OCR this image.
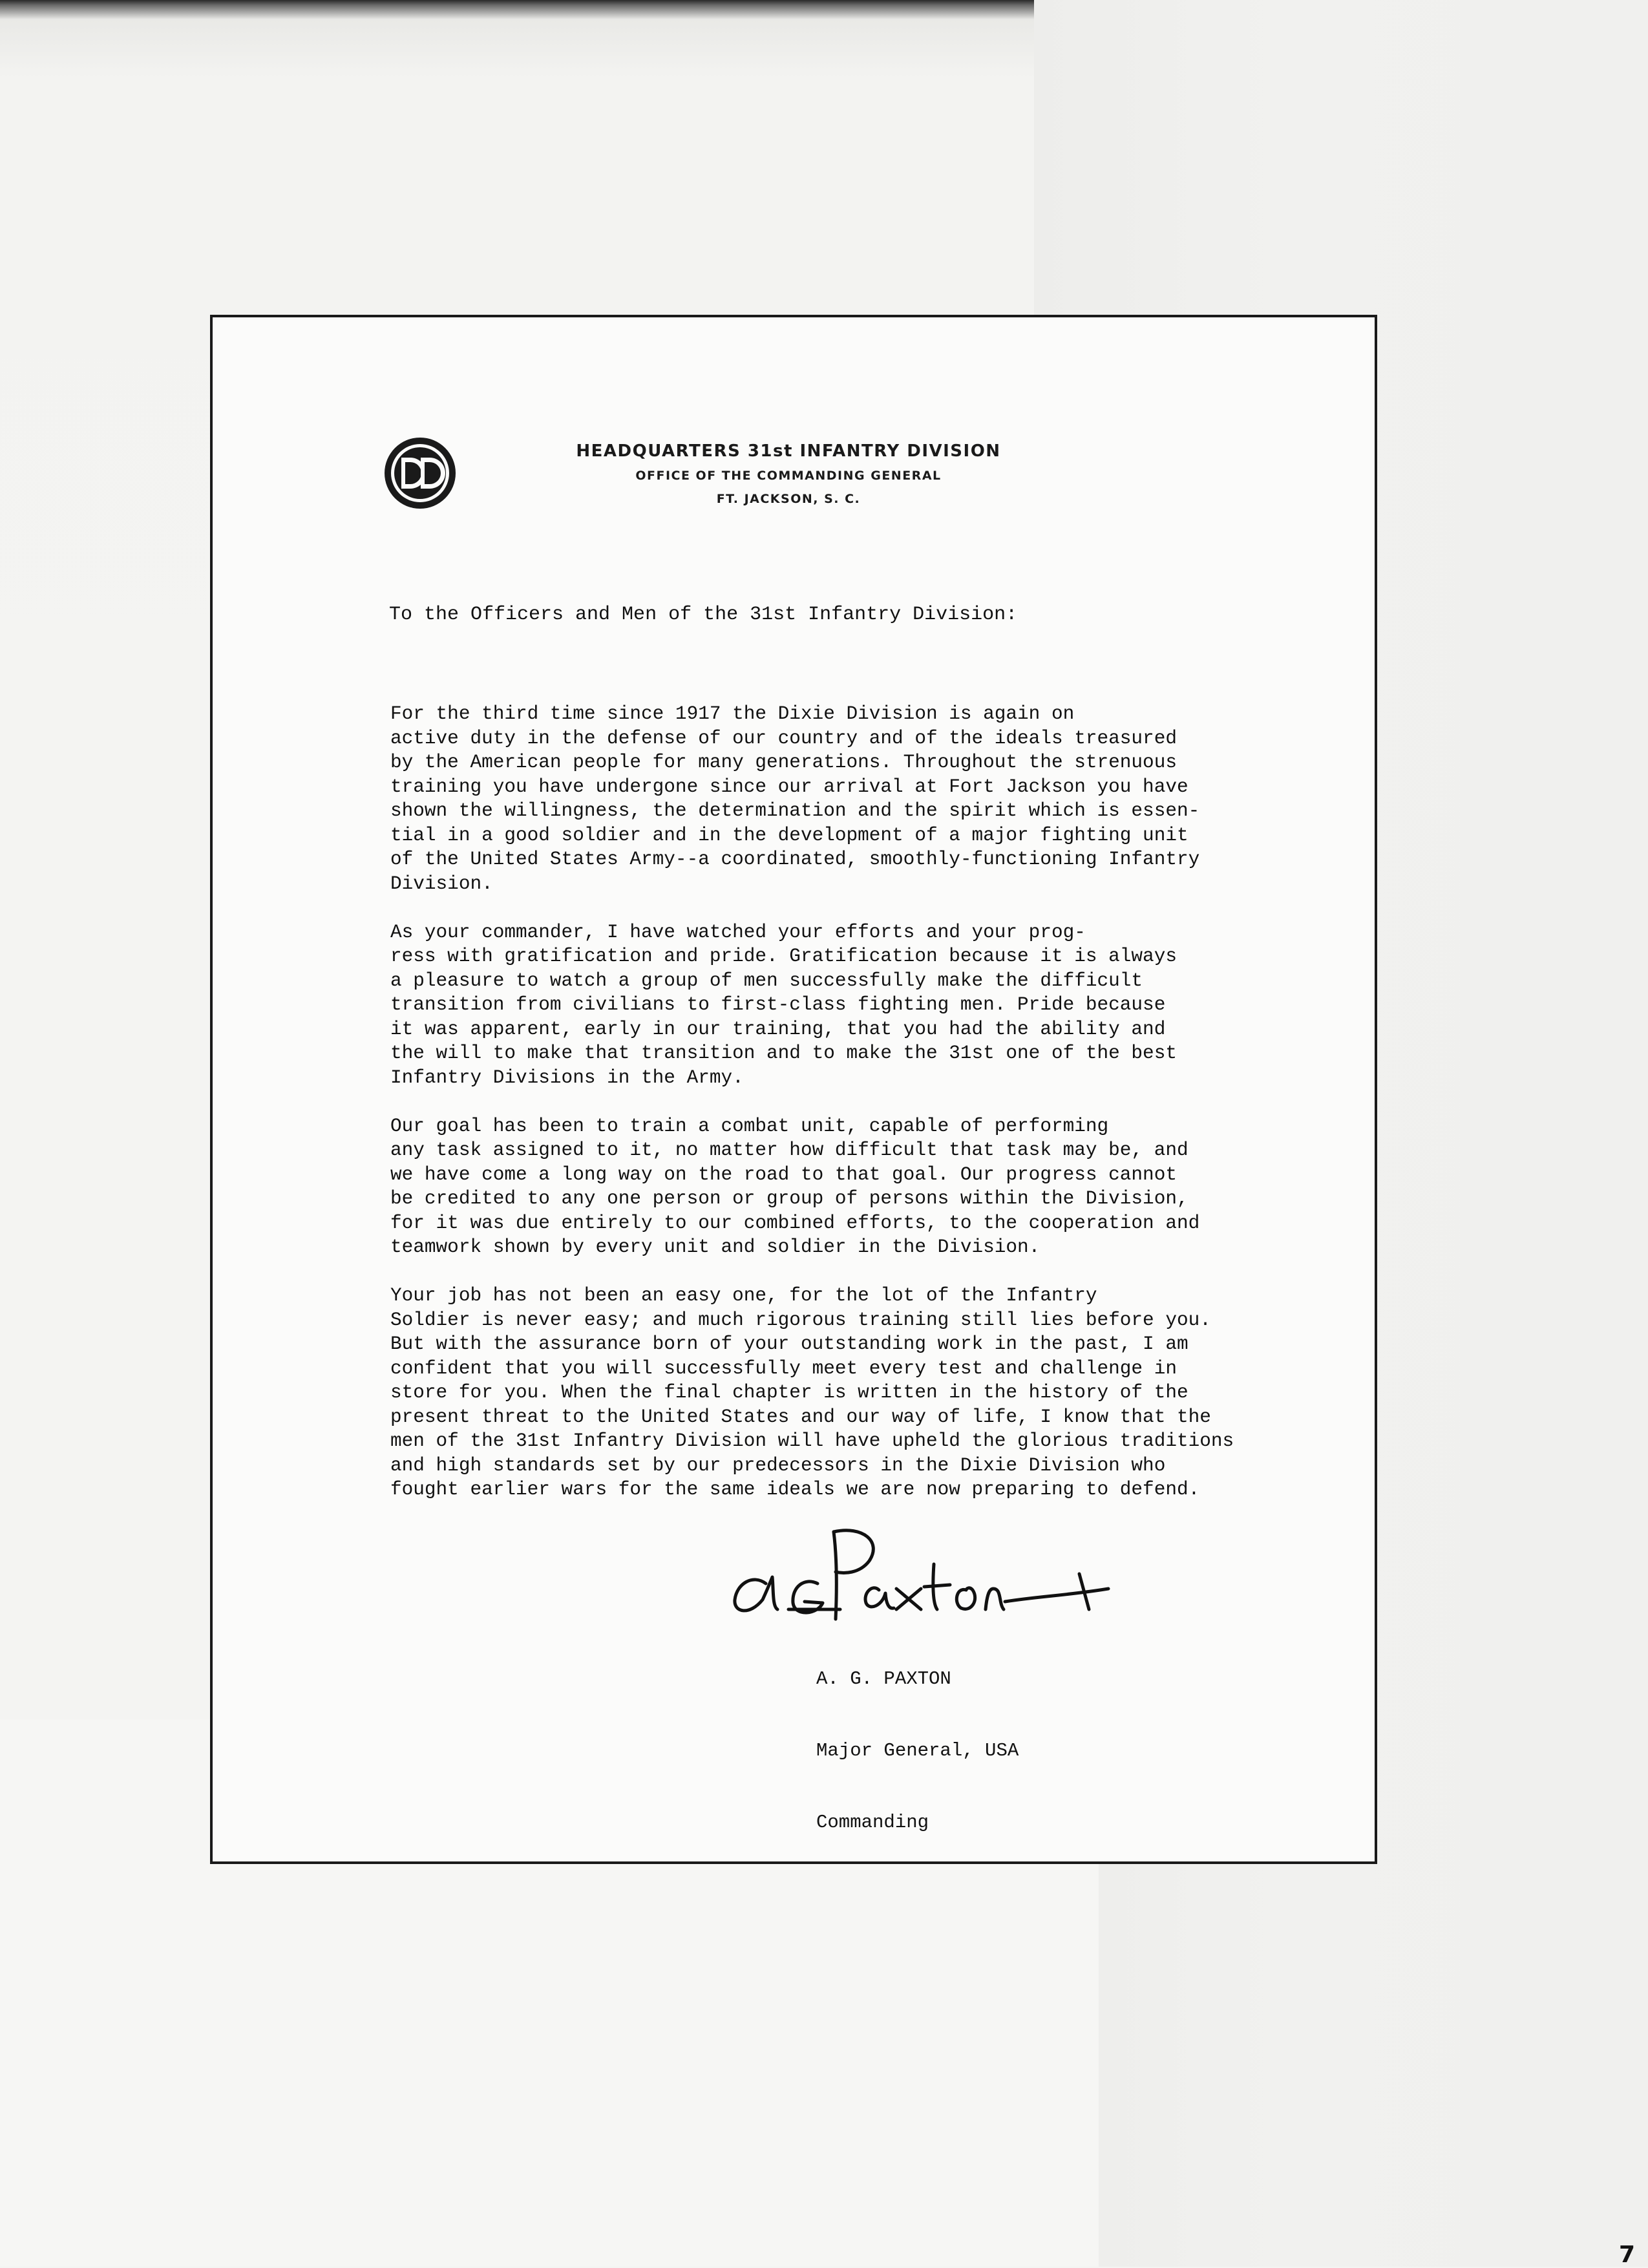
HEADQUARTERS 31st INFANTRY DIVISION
OFFICE OF THE COMMANDING GENERAL
FT. JACKSON, S. C.
To the Officers and Men of the 31st Infantry Division:

For the third time since 1917 the Dixie Division is again on
active duty in the defense of our country and of the ideals treasured
by the American people for many generations. Throughout the strenuous
training you have undergone since our arrival at Fort Jackson you have
shown the willingness, the determination and the spirit which is essen-
tial in a good soldier and in the development of a major fighting unit
of the United States Army--a coordinated, smoothly-functioning Infantry
Division.

As your commander, I have watched your efforts and your prog-
ress with gratification and pride. Gratification because it is always
a pleasure to watch a group of men successfully make the difficult
transition from civilians to first-class fighting men. Pride because
it was apparent, early in our training, that you had the ability and
the will to make that transition and to make the 31st one of the best
Infantry Divisions in the Army.

Our goal has been to train a combat unit, capable of performing
any task assigned to it, no matter how difficult that task may be, and
we have come a long way on the road to that goal. Our progress cannot
be credited to any one person or group of persons within the Division,
for it was due entirely to our combined efforts, to the cooperation and
teamwork shown by every unit and soldier in the Division.

Your job has not been an easy one, for the lot of the Infantry
Soldier is never easy; and much rigorous training still lies before you.
But with the assurance born of your outstanding work in the past, I am
confident that you will successfully meet every test and challenge in
store for you. When the final chapter is written in the history of the
present threat to the United States and our way of life, I know that the
men of the 31st Infantry Division will have upheld the glorious traditions
and high standards set by our predecessors in the Dixie Division who
fought earlier wars for the same ideals we are now preparing to defend.

A. G. PAXTON

Major General, USA

Commanding

7
